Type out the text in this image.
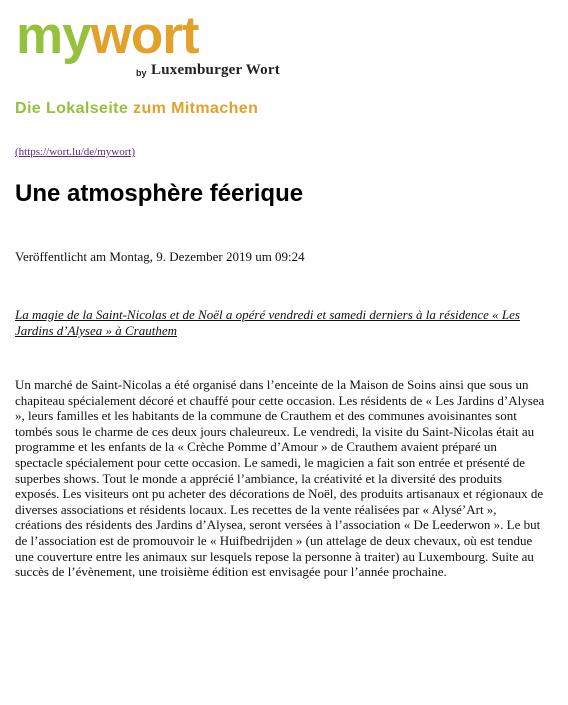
mywort
by Luxemburger Wort
Die Lokalseite zum Mitmachen
(https://wort.lu/de/mywort)
Une atmosphère féerique
Veröffentlicht am Montag, 9. Dezember 2019 um 09:24
La magie de la Saint-Nicolas et de Noël a opéré vendredi et samedi derniers à la résidence « Les Jardins d’Alysea » à Crauthem

Un marché de Saint-Nicolas a été organisé dans l’enceinte de la Maison de Soins ainsi que sous un chapiteau spécialement décoré et chauffé pour cette occasion. Les résidents de « Les Jardins d’Alysea », leurs familles et les habitants de la commune de Crauthem et des communes avoisinantes sont tombés sous le charme de ces deux jours chaleureux. Le vendredi, la visite du Saint-Nicolas était au programme et les enfants de la « Crèche Pomme d’Amour » de Crauthem avaient préparé un spectacle spécialement pour cette occasion. Le samedi, le magicien a fait son entrée et présenté de superbes shows. Tout le monde a apprécié l’ambiance, la créativité et la diversité des produits exposés. Les visiteurs ont pu acheter des décorations de Noël, des produits artisanaux et régionaux de diverses associations et résidents locaux. Les recettes de la vente réalisées par « Alysé’Art », créations des résidents des Jardins d’Alysea, seront versées à l’association « De Leederwon ». Le but de l’association est de promouvoir le « Huifbedrijden » (un attelage de deux chevaux, où est tendue une couverture entre les animaux sur lesquels repose la personne à traiter) au Luxembourg. Suite au succès de l’évènement, une troisième édition est envisagée pour l’année prochaine.
